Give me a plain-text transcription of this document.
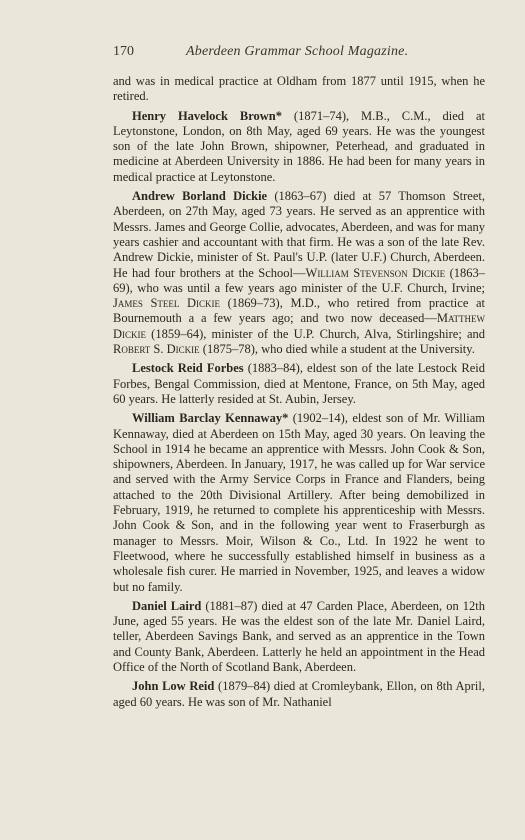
170	Aberdeen Grammar School Magazine.

and was in medical practice at Oldham from 1877 until 1915, when he retired.

Henry Havelock Brown* (1871–74), M.B., C.M., died at Leytonstone, London, on 8th May, aged 69 years. He was the youngest son of the late John Brown, shipowner, Peterhead, and graduated in medicine at Aberdeen University in 1886. He had been for many years in medical practice at Leytonstone.

Andrew Borland Dickie (1863–67) died at 57 Thomson Street, Aberdeen, on 27th May, aged 73 years. He served as an apprentice with Messrs. James and George Collie, advocates, Aberdeen, and was for many years cashier and accountant with that firm. He was a son of the late Rev. Andrew Dickie, minister of St. Paul's U.P. (later U.F.) Church, Aberdeen. He had four brothers at the School—William Stevenson Dickie (1863–69), who was until a few years ago minister of the U.F. Church, Irvine; James Steel Dickie (1869–73), M.D., who retired from practice at Bournemouth a a few years ago; and two now deceased—Matthew Dickie (1859–64), minister of the U.P. Church, Alva, Stirlingshire; and Robert S. Dickie (1875–78), who died while a student at the University.

Lestock Reid Forbes (1883–84), eldest son of the late Lestock Reid Forbes, Bengal Commission, died at Mentone, France, on 5th May, aged 60 years. He latterly resided at St. Aubin, Jersey.

William Barclay Kennaway* (1902–14), eldest son of Mr. William Kennaway, died at Aberdeen on 15th May, aged 30 years. On leaving the School in 1914 he became an apprentice with Messrs. John Cook & Son, shipowners, Aberdeen. In January, 1917, he was called up for War service and served with the Army Service Corps in France and Flanders, being attached to the 20th Divisional Artillery. After being demobilized in February, 1919, he returned to complete his apprenticeship with Messrs. John Cook & Son, and in the following year went to Fraserburgh as manager to Messrs. Moir, Wilson & Co., Ltd. In 1922 he went to Fleetwood, where he successfully established himself in business as a wholesale fish curer. He married in November, 1925, and leaves a widow but no family.

Daniel Laird (1881–87) died at 47 Carden Place, Aberdeen, on 12th June, aged 55 years. He was the eldest son of the late Mr. Daniel Laird, teller, Aberdeen Savings Bank, and served as an apprentice in the Town and County Bank, Aberdeen. Latterly he held an appointment in the Head Office of the North of Scotland Bank, Aberdeen.

John Low Reid (1879–84) died at Cromleybank, Ellon, on 8th April, aged 60 years. He was son of Mr. Nathaniel
